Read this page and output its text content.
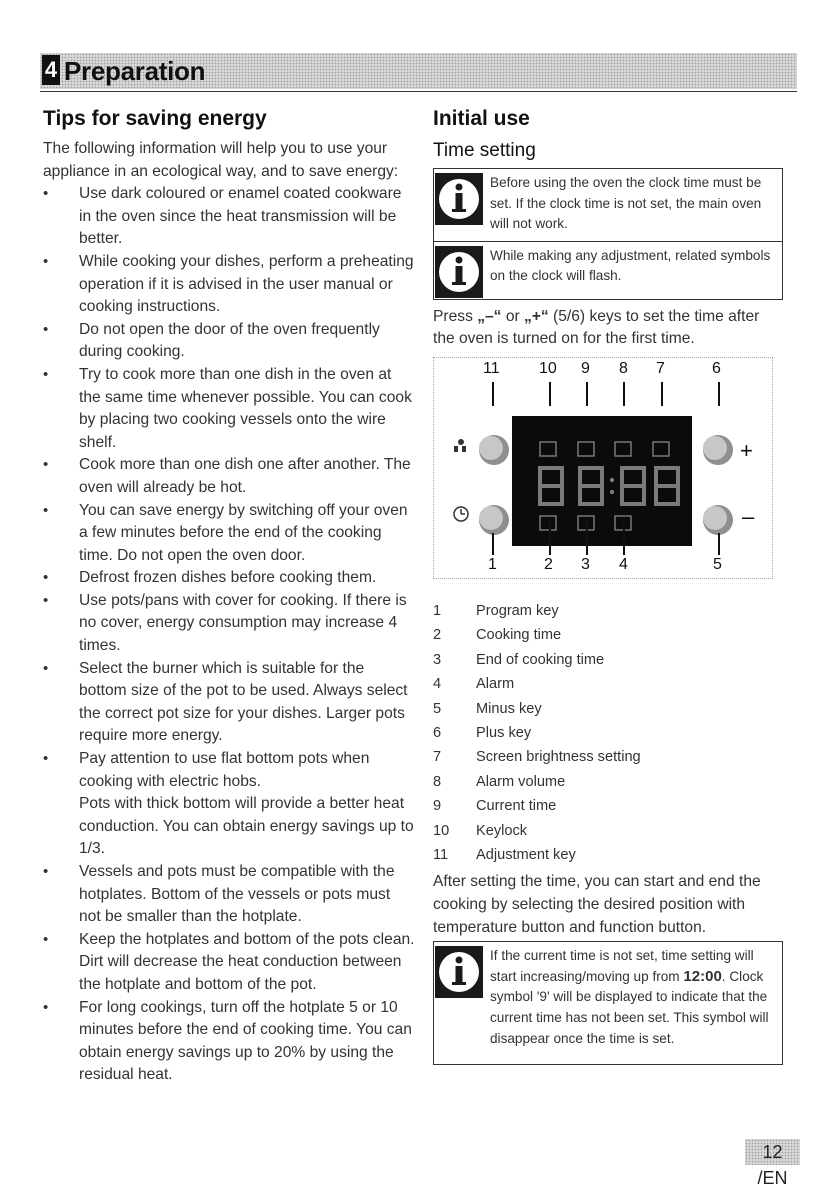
4 Preparation
Tips for saving energy

The following information will help you to use your appliance in an ecological way, and to save energy:

• Use dark coloured or enamel coated cookware in the oven since the heat transmission will be better.
• While cooking your dishes, perform a preheating operation if it is advised in the user manual or cooking instructions.
• Do not open the door of the oven frequently during cooking.
• Try to cook more than one dish in the oven at the same time whenever possible. You can cook by placing two cooking vessels onto the wire shelf.
• Cook more than one dish one after another. The oven will already be hot.
• You can save energy by switching off your oven a few minutes before the end of the cooking time. Do not open the oven door.
• Defrost frozen dishes before cooking them.
• Use pots/pans with cover for cooking. If there is no cover, energy consumption may increase 4 times.
• Select the burner which is suitable for the bottom size of the pot to be used. Always select the correct pot size for your dishes. Larger pots require more energy.
• Pay attention to use flat bottom pots when cooking with electric hobs.
Pots with thick bottom will provide a better heat conduction. You can obtain energy savings up to 1/3.
• Vessels and pots must be compatible with the hotplates. Bottom of the vessels or pots must not be smaller than the hotplate.
• Keep the hotplates and bottom of the pots clean. Dirt will decrease the heat conduction between the hotplate and bottom of the pot.
• For long cookings, turn off the hotplate 5 or 10 minutes before the end of cooking time. You can obtain energy savings up to 20% by using the residual heat.
Initial use
Time setting
Before using the oven the clock time must be set. If the clock time is not set, the main oven will not work.
While making any adjustment, related symbols on the clock will flash.

Press „–“ or „+“ (5/6) keys to set the time after the oven is turned on for the first time.

11 10 9 8 7	6
+
–
1	2 3 4	5
1 Program key
2 Cooking time
3 End of cooking time
4 Alarm
5 Minus key
6 Plus key
7 Screen brightness setting
8 Alarm volume
9 Current time
10 Keylock
11 Adjustment key

After setting the time, you can start and end the cooking by selecting the desired position with temperature button and function button.

If the current time is not set, time setting will start increasing/moving up from 12:00. Clock symbol '9' will be displayed to indicate that the current time has not been set. This symbol will disappear once the time is set.
12 /EN
